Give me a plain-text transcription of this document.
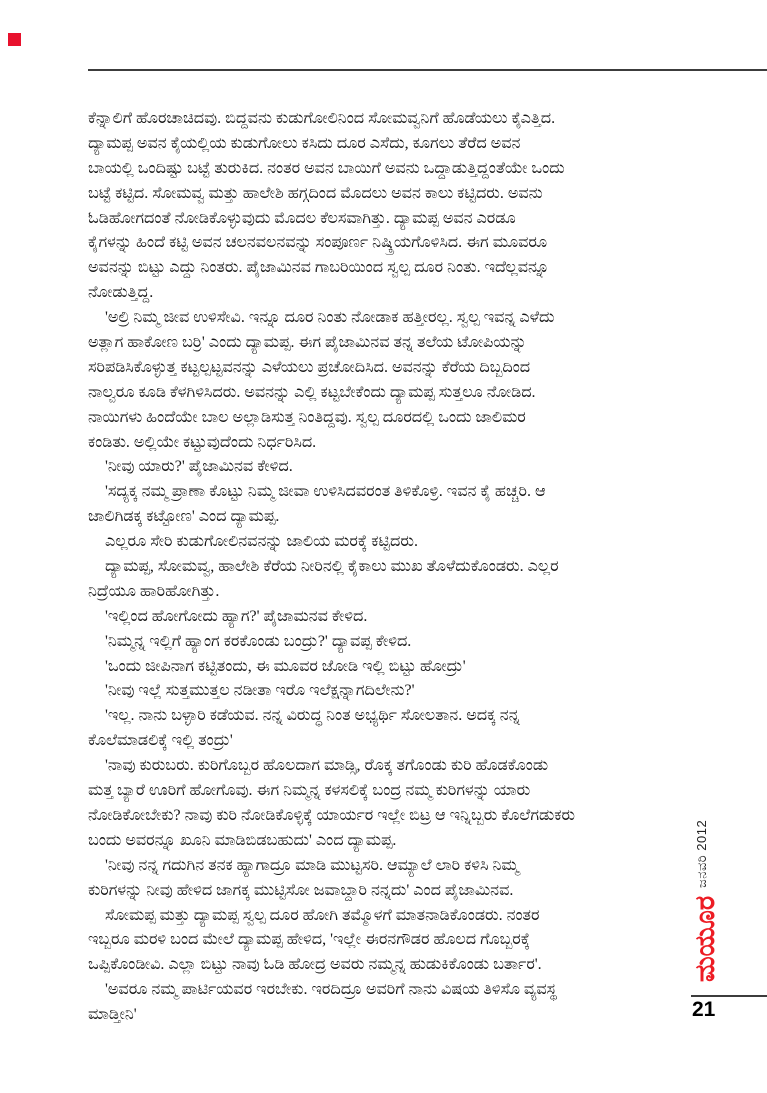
ಕೆನ್ನಾಲಿಗೆ ಹೊರಚಾಚಿದವು. ಬಿದ್ದವನು ಕುಡುಗೋಲಿನಿಂದ ಸೋಮವ್ವನಿಗೆ ಹೊಡೆಯಲು ಕೈಎತ್ತಿದ.
ದ್ಯಾಮಪ್ಪ ಅವನ ಕೈಯಲ್ಲಿಯ ಕುಡುಗೋಲು ಕಸಿದು ದೂರ ಎಸೆದು, ಕೂಗಲು ತೆರೆದ ಅವನ
ಬಾಯಲ್ಲಿ ಒಂದಿಷ್ಟು ಬಟ್ಟೆ ತುರುಕಿದ. ನಂತರ ಅವನ ಬಾಯಿಗೆ ಅವನು ಒದ್ದಾಡುತ್ತಿದ್ದಂತೆಯೇ ಒಂದು
ಬಟ್ಟೆ ಕಟ್ಟಿದ. ಸೋಮವ್ವ ಮತ್ತು ಹಾಲೇಶಿ ಹಗ್ಗದಿಂದ ಮೊದಲು ಅವನ ಕಾಲು ಕಟ್ಟಿದರು. ಅವನು
ಓಡಿಹೋಗದಂತೆ ನೋಡಿಕೊಳ್ಳುವುದು ಮೊದಲ ಕೆಲಸವಾಗಿತ್ತು. ದ್ಯಾಮಪ್ಪ ಅವನ ಎರಡೂ
ಕೈಗಳನ್ನು ಹಿಂದೆ ಕಟ್ಟಿ ಅವನ ಚಲನವಲನವನ್ನು ಸಂಪೂರ್ಣ ನಿಷ್ಕ್ರಿಯಗೊಳಿಸಿದ. ಈಗ ಮೂವರೂ
ಅವನನ್ನು ಬಿಟ್ಟು ಎದ್ದು ನಿಂತರು. ಪೈಜಾಮಿನವ ಗಾಬರಿಯಿಂದ ಸ್ವಲ್ಪ ದೂರ ನಿಂತು. ಇದೆಲ್ಲವನ್ನೂ
ನೋಡುತ್ತಿದ್ದ.
'ಅಲ್ರಿ ನಿಮ್ಮ ಜೀವ ಉಳಿಸೇವಿ. ಇನ್ನೂ ದೂರ ನಿಂತು ನೋಡಾಕ ಹತ್ತೀರಲ್ಲ. ಸ್ವಲ್ಪ ಇವನ್ನ ಎಳೆದು
ಅತ್ಲಾಗ ಹಾಕೋಣ ಬರ್ರಿ' ಎಂದು ದ್ಯಾಮಪ್ಪ. ಈಗ ಪೈಜಾಮಿನವ ತನ್ನ ತಲೆಯ ಟೋಪಿಯನ್ನು
ಸರಿಪಡಿಸಿಕೊಳ್ಳುತ್ತ ಕಟ್ಟಲ್ಪಟ್ಟವನನ್ನು ಎಳೆಯಲು ಪ್ರಚೋದಿಸಿದ. ಅವನನ್ನು ಕೆರೆಯ ದಿಬ್ಬದಿಂದ
ನಾಲ್ವರೂ ಕೂಡಿ ಕೆಳಗಿಳಿಸಿದರು. ಅವನನ್ನು ಎಲ್ಲಿ ಕಟ್ಟಬೇಕೆಂದು ದ್ಯಾಮಪ್ಪ ಸುತ್ತಲೂ ನೋಡಿದ.
ನಾಯಿಗಳು ಹಿಂದೆಯೇ ಬಾಲ ಅಲ್ಲಾಡಿಸುತ್ತ ನಿಂತಿದ್ದವು. ಸ್ವಲ್ಪ ದೂರದಲ್ಲಿ ಒಂದು ಜಾಲಿಮರ
ಕಂಡಿತು. ಅಲ್ಲಿಯೇ ಕಟ್ಟುವುದೆಂದು ನಿರ್ಧರಿಸಿದ.
'ನೀವು ಯಾರು?' ಪೈಜಾಮಿನವ ಕೇಳಿದ.
'ಸದ್ಯಕ್ಕ ನಮ್ಮ ಪ್ರಾಣಾ ಕೊಟ್ಟು ನಿಮ್ಮ ಜೀವಾ ಉಳಿಸಿದವರಂತ ತಿಳಿಕೊಳ್ರಿ. ಇವನ ಕೈ ಹಚ್ಚರಿ. ಆ
ಜಾಲಿಗಿಡಕ್ಕ ಕಟ್ಟೋಣ' ಎಂದ ದ್ಯಾಮಪ್ಪ.
ಎಲ್ಲರೂ ಸೇರಿ ಕುಡುಗೋಲಿನವನನ್ನು ಜಾಲಿಯ ಮರಕ್ಕೆ ಕಟ್ಟಿದರು.
ದ್ಯಾಮಪ್ಪ, ಸೋಮವ್ವ, ಹಾಲೇಶಿ ಕೆರೆಯ ನೀರಿನಲ್ಲಿ ಕೈಕಾಲು ಮುಖ ತೊಳೆದುಕೊಂಡರು. ಎಲ್ಲರ
ನಿದ್ರೆಯೂ ಹಾರಿಹೋಗಿತ್ತು.
'ಇಲ್ಲಿಂದ ಹೋಗೋದು ಹ್ಯಾಗ?' ಪೈಜಾಮನವ ಕೇಳಿದ.
'ನಿಮ್ಮನ್ನ ಇಲ್ಲಿಗೆ ಹ್ಯಾಂಗ ಕರಕೊಂಡು ಬಂದ್ರು?' ದ್ಯಾವಪ್ಪ ಕೇಳಿದ.
'ಒಂದು ಜೀಪಿನಾಗ ಕಟ್ಟಿತಂದು, ಈ ಮೂವರ ಜೋಡಿ ಇಲ್ಲಿ ಬಿಟ್ಟು ಹೋದ್ರು'
'ನೀವು ಇಲ್ಲೆ ಸುತ್ತಮುತ್ತಲ ನಡೀತಾ ಇರೊ ಇಲೆಕ್ಷನ್ನಾಗದಿಲೇನು?'
'ಇಲ್ಲ. ನಾನು ಬಳ್ಳಾರಿ ಕಡೆಯವ. ನನ್ನ ವಿರುದ್ಧ ನಿಂತ ಅಭ್ಯರ್ಥಿ ಸೋಲತಾನ. ಅದಕ್ಕ ನನ್ನ
ಕೊಲೆಮಾಡಲಿಕ್ಕೆ ಇಲ್ಲಿ ತಂದ್ರು'
'ನಾವು ಕುರುಬರು. ಕುರಿಗೊಬ್ಬರ ಹೊಲದಾಗ ಮಾಡ್ಸಿ, ರೊಕ್ಕ ತಗೊಂಡು ಕುರಿ ಹೊಡಕೊಂಡು
ಮತ್ತ ಬ್ಯಾರೆ ಊರಿಗೆ ಹೋಗೊವು. ಈಗ ನಿಮ್ಮನ್ನ ಕಳಸಲಿಕ್ಕೆ ಬಂದ್ರ ನಮ್ಮ ಕುರಿಗಳನ್ನು ಯಾರು
ನೋಡಿಕೋಬೇಕು? ನಾವು ಕುರಿ ನೋಡಿಕೊಳ್ಳಿಕ್ಕೆ ಯಾರ್ಯರ ಇಲ್ಲೇ ಬಿಟ್ರ ಆ ಇನ್ನಿಬ್ಬರು ಕೊಲೆಗಡುಕರು
ಬಂದು ಅವರನ್ನೂ ಖೂನಿ ಮಾಡಿಬಿಡಬಹುದು' ಎಂದ ದ್ಯಾಮಪ್ಪ.
'ನೀವು ನನ್ನ ಗದುಗಿನ ತನಕ ಹ್ಯಾಗಾದ್ರೂ ಮಾಡಿ ಮುಟ್ಟಸರಿ. ಆಮ್ಯಾಲೆ ಲಾರಿ ಕಳಿಸಿ ನಿಮ್ಮ
ಕುರಿಗಳನ್ನು ನೀವು ಹೇಳಿದ ಜಾಗಕ್ಕ ಮುಟ್ಟಿಸೋ ಜವಾಬ್ದಾರಿ ನನ್ನದು' ಎಂದ ಪೈಜಾಮಿನವ.
ಸೋಮಪ್ಪ ಮತ್ತು ದ್ಯಾಮಪ್ಪ ಸ್ವಲ್ಪ ದೂರ ಹೋಗಿ ತಮ್ಮೊಳಗೆ ಮಾತನಾಡಿಕೊಂಡರು. ನಂತರ
ಇಬ್ಬರೂ ಮರಳಿ ಬಂದ ಮೇಲೆ ದ್ಯಾಮಪ್ಪ ಹೇಳಿದ, 'ಇಲ್ಲೇ ಈರನಗೌಡರ ಹೊಲದ ಗೊಬ್ಬರಕ್ಕೆ
ಒಪ್ಪಿಕೊಂಡೀವಿ. ಎಲ್ಲಾ ಬಿಟ್ಟು ನಾವು ಓಡಿ ಹೋದ್ರ ಅವರು ನಮ್ಮನ್ನ ಹುಡುಕಿಕೊಂಡು ಬರ್ತಾರ'.
'ಅವರೂ ನಮ್ಮ ಪಾರ್ಟಿಯವರ ಇರಬೇಕು. ಇರದಿದ್ರೂ ಅವರಿಗೆ ನಾನು ವಿಷಯ ತಿಳಿಸೊ ವ್ಯವಸ್ಥ
ಮಾಡ್ತೀನಿ'
ಜನವರಿ 2012
ಮಯೂರ
21
